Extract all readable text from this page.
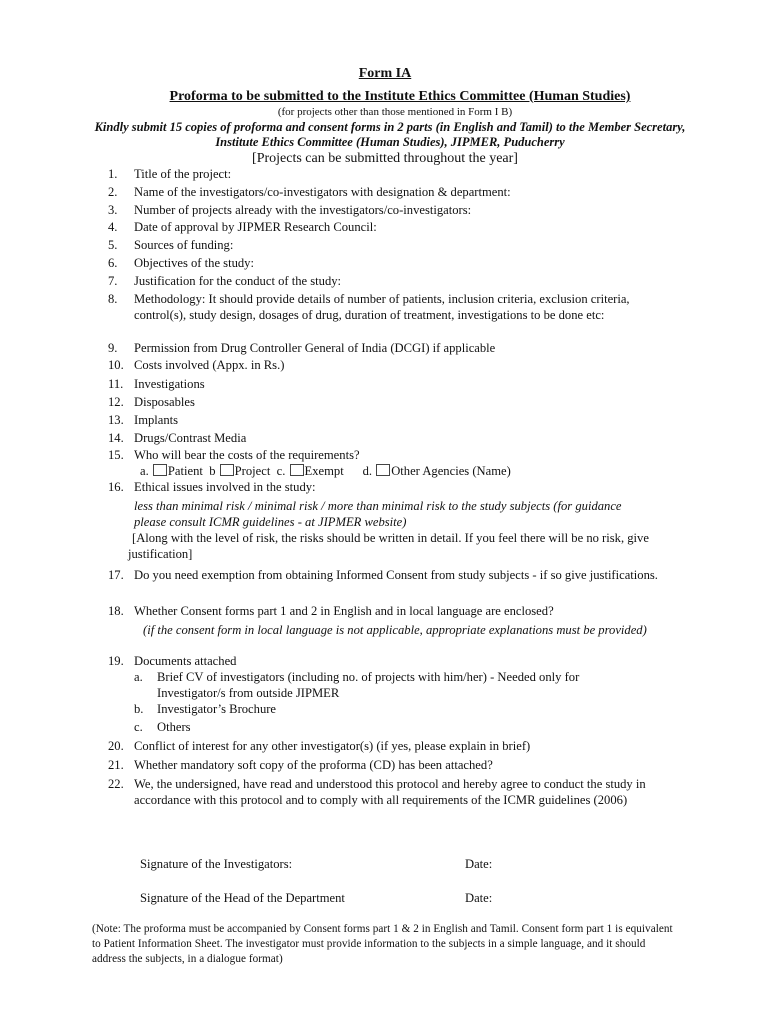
Form IA
Proforma to be submitted to the Institute Ethics Committee (Human Studies)
(for projects other than those mentioned in Form I B)
Kindly submit 15 copies of proforma and consent forms in 2 parts (in English and Tamil) to the Member Secretary, Institute Ethics Committee (Human Studies), JIPMER, Puducherry
[Projects can be submitted throughout the year]
1.	Title of the project:
2.	Name of the investigators/co-investigators with designation & department:
3.	Number of projects already with the investigators/co-investigators:
4.	Date of approval by JIPMER Research Council:
5.	Sources of funding:
6.	Objectives of the study:
7.	Justification for the conduct of the study:
8.	Methodology: It should provide details of number of patients, inclusion criteria, exclusion criteria, control(s), study design, dosages of drug, duration of treatment, investigations to be done etc:
9.	Permission from Drug Controller General of India (DCGI) if applicable
10. Costs involved (Appx. in Rs.)
11. Investigations
12. Disposables
13. Implants
14. Drugs/Contrast Media
15. Who will bear the costs of the requirements?
a. Patient b Project c. Exempt d. Other Agencies (Name)
16. Ethical issues involved in the study:
less than minimal risk / minimal risk / more than minimal risk to the study subjects (for guidance please consult ICMR guidelines - at JIPMER website)
[Along with the level of risk, the risks should be written in detail. If you feel there will be no risk, give justification]
17. Do you need exemption from obtaining Informed Consent from study subjects - if so give justifications.
18. Whether Consent forms part 1 and 2 in English and in local language are enclosed?
(if the consent form in local language is not applicable, appropriate explanations must be provided)
19. Documents attached
a. Brief CV of investigators (including no. of projects with him/her) - Needed only for Investigator/s from outside JIPMER
b. Investigator’s Brochure
c. Others
20. Conflict of interest for any other investigator(s) (if yes, please explain in brief)
21. Whether mandatory soft copy of the proforma (CD) has been attached?
22. We, the undersigned, have read and understood this protocol and hereby agree to conduct the study in accordance with this protocol and to comply with all requirements of the ICMR guidelines (2006)
Signature of the Investigators:	Date:
Signature of the Head of the Department	Date:
(Note: The proforma must be accompanied by Consent forms part 1 & 2 in English and Tamil. Consent form part 1 is equivalent to Patient Information Sheet. The investigator must provide information to the subjects in a simple language, and it should address the subjects, in a dialogue format)
